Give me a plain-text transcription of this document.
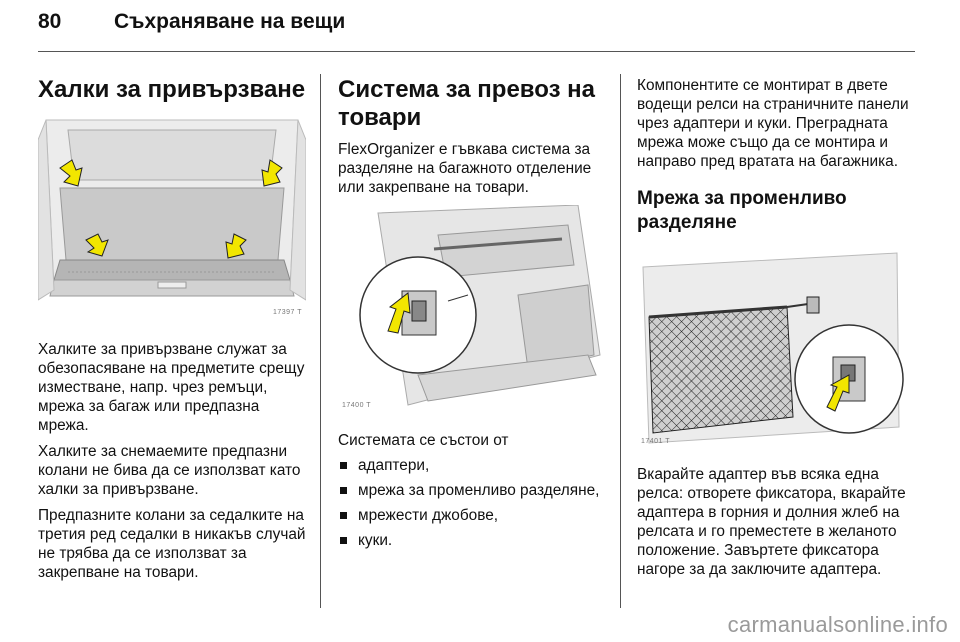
80	Съхраняване на вещи
Халки за привързване
17397 T

Халките за привързване служат за обезопасяване на предметите срещу изместване, напр. чрез ремъци, мрежа за багаж или предпазна мрежа.

Халките за снемаемите предпазни колани не бива да се използват като халки за привързване.

Предпазните колани за седалките на третия ред седалки в никакъв случай не трябва да се използват за закрепване на товари.

Система за превоз на товари

FlexOrganizer е гъвкава система за разделяне на багажното отделение или закрепване на товари.

17400 T

Системата се състои от

адаптери,
мрежа за променливо разделяне,
мрежести джобове,
куки.

Компонентите се монтират в двете водещи релси на страничните панели чрез адаптери и куки. Преградната мрежа може също да се монтира и направо пред вратата на багажника.

Мрежа за променливо разделяне
17401 T

Вкарайте адаптер във всяка една релса: отворете фиксатора, вкарайте адаптера в горния и долния жлеб на релсата и го преместете в желаното положение. Завъртете фиксатора нагоре за да заключите адаптера.

carmanualsonline.info
